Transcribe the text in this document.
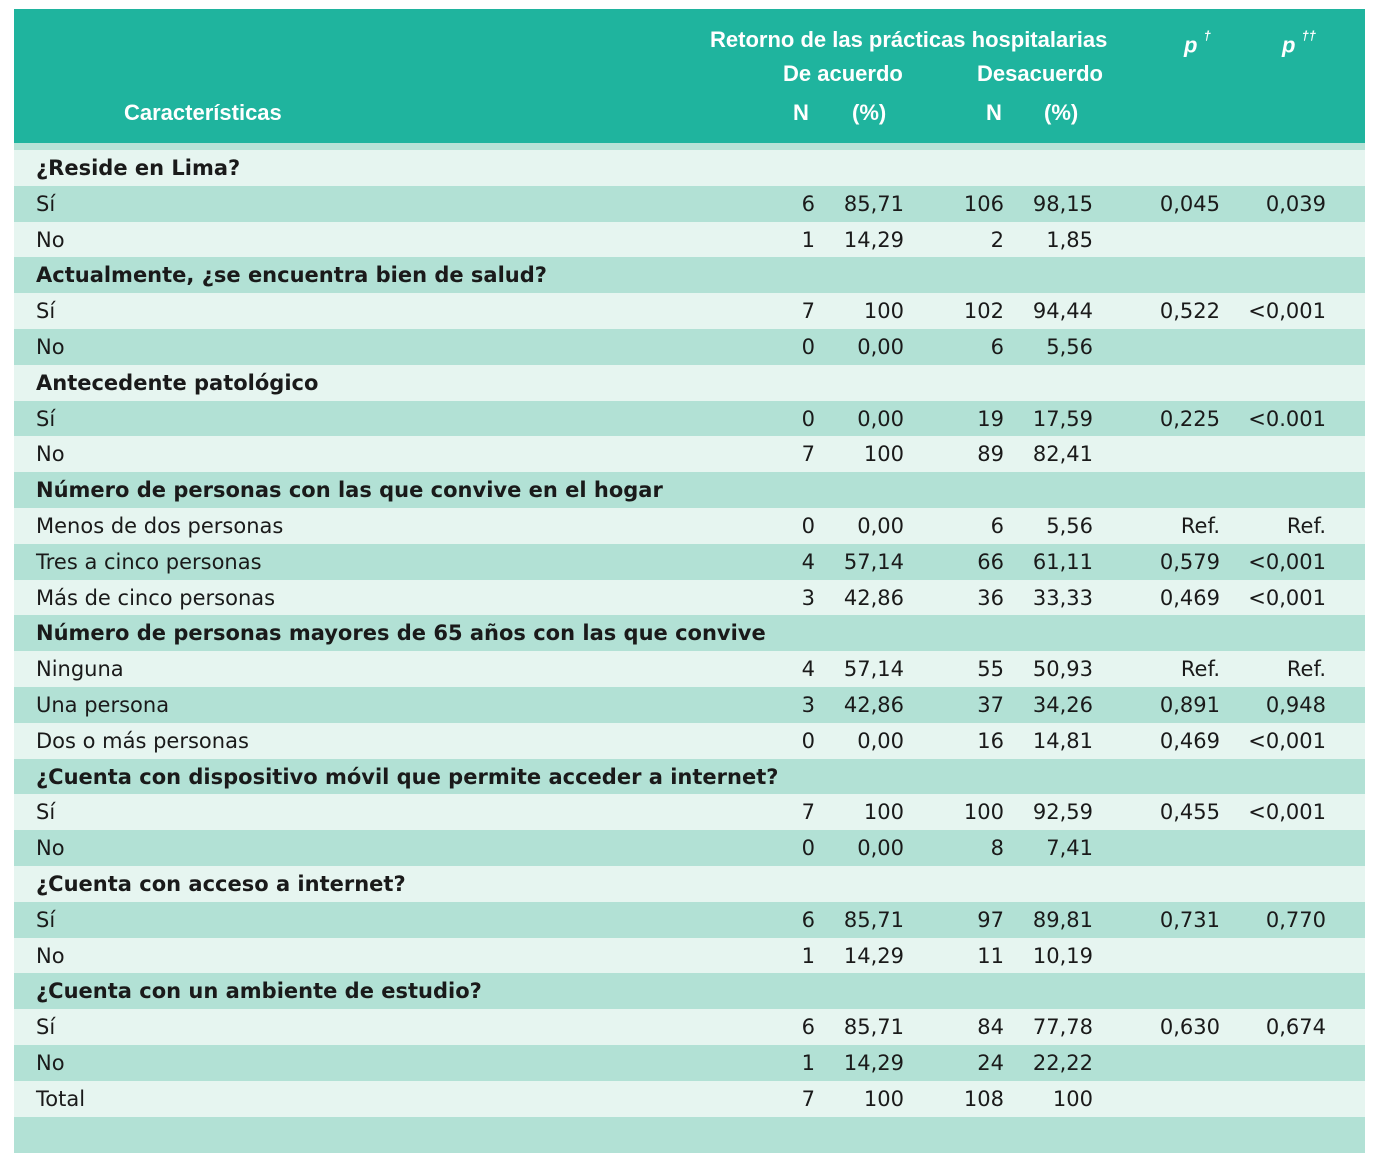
Retorno de las prácticas hospitalarias
De acuerdo	Desacuerdo
Características	N (%)	N (%)
p †	p ††
¿Reside en Lima?
Sí	6	85,71	106	98,15	0,045	0,039
No	1	14,29	2	1,85
Actualmente, ¿se encuentra bien de salud?
Sí	7	100	102	94,44	0,522	<0,001
No	0	0,00	6	5,56
Antecedente patológico
Sí	0	0,00	19	17,59	0,225	<0.001
No	7	100	89	82,41
Número de personas con las que convive en el hogar
Menos de dos personas	0	0,00	6	5,56	Ref.	Ref.
Tres a cinco personas	4	57,14	66	61,11	0,579	<0,001
Más de cinco personas	3	42,86	36	33,33	0,469	<0,001
Número de personas mayores de 65 años con las que convive
Ninguna	4	57,14	55	50,93	Ref.	Ref.
Una persona	3	42,86	37	34,26	0,891	0,948
Dos o más personas	0	0,00	16	14,81	0,469	<0,001
¿Cuenta con dispositivo móvil que permite acceder a internet?
Sí	7	100	100	92,59	0,455	<0,001
No	0	0,00	8	7,41
¿Cuenta con acceso a internet?
Sí	6	85,71	97	89,81	0,731	0,770
No	1	14,29	11	10,19
¿Cuenta con un ambiente de estudio?
Sí	6	85,71	84	77,78	0,630	0,674
No	1	14,29	24	22,22
Total	7	100	108	100
